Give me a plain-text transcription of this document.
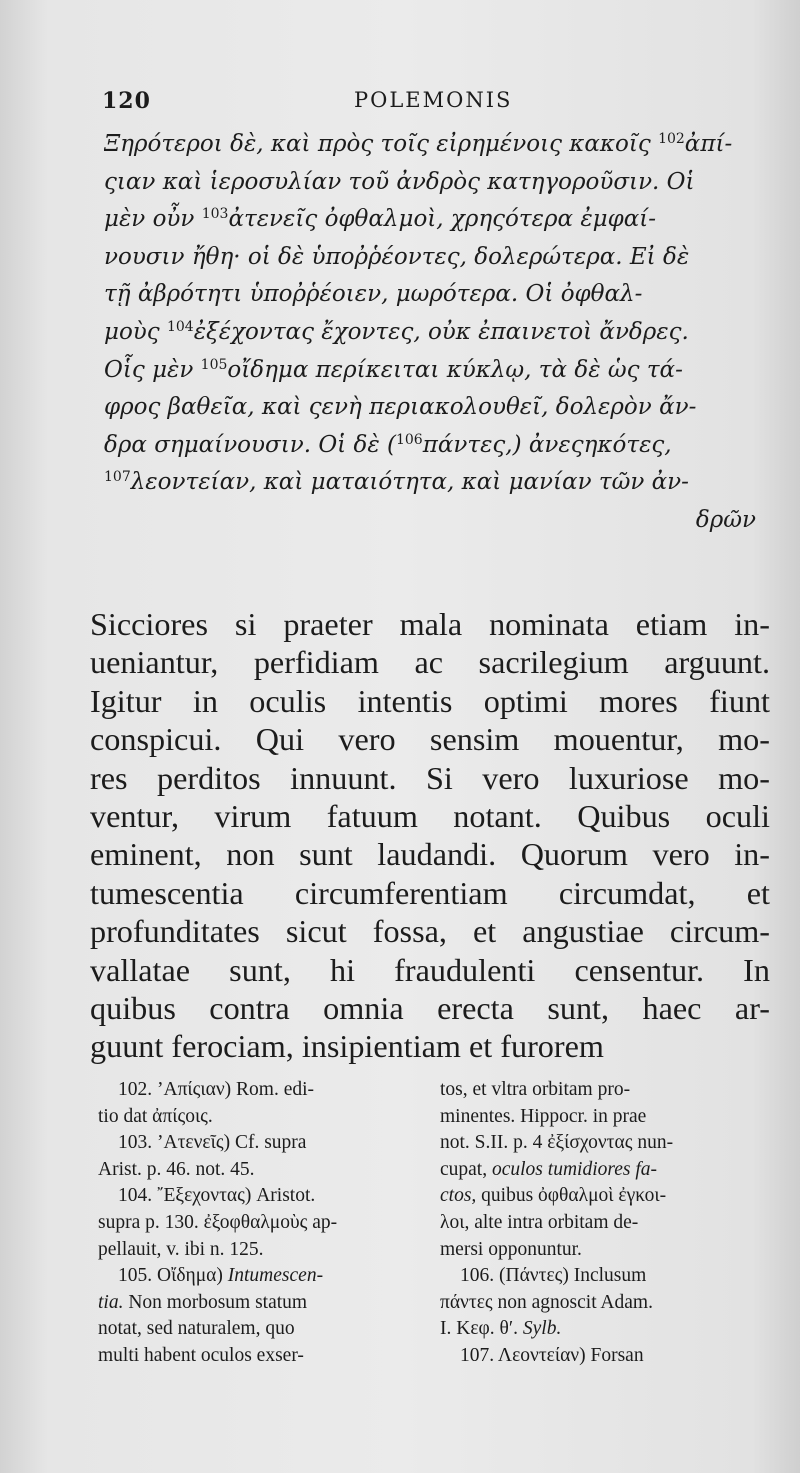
120	POLEMONIS
Ξηρότεροι δὲ, καὶ πρὸς τοῖς εἰρημένοις κακοῖς $^{102}$ἀπί-
ςιαν καὶ ἱεροσυλίαν τοῦ ἀνδρὸς κατηγοροῦσιν. Οἱ
μὲν οὖν $^{103}$ἀτενεῖς ὀφθαλμοὶ, χρηςότερα ἐμφαί-
νουσιν ἤθη· οἱ δὲ ὑποῤῥέοντες, δολερώτερα. Εἰ δὲ
τῇ ἀβρότητι ὑποῤῥέοιεν, μωρότερα. Οἱ ὀφθαλ-
μοὺς $^{104}$ἐξέχοντας ἔχοντες, οὐκ ἐπαινετοὶ ἄνδρες.
Οἷς μὲν $^{105}$οἴδημα περίκειται κύκλῳ, τὰ δὲ ὡς τά-
φρος βαθεῖα, καὶ ςενὴ περιακολουθεῖ, δολερὸν ἄν-
δρα σημαίνουσιν. Οἱ δὲ ($^{106}$πάντες,) ἀνεςηκότες,
$^{107}$λεοντείαν, καὶ ματαιότητα, καὶ μανίαν τῶν ἀν-
δρῶν
Sicciores si praeter mala nominata etiam in-
ueniantur, perfidiam ac sacrilegium arguunt.
Igitur in oculis intentis optimi mores fiunt
conspicui. Qui vero sensim mouentur, mo-
res perditos innuunt. Si vero luxuriose mo-
ventur, virum fatuum notant. Quibus oculi
eminent, non sunt laudandi. Quorum vero in-
tumescentia circumferentiam circumdat, et
profunditates sicut fossa, et angustiae circum-
vallatae sunt, hi fraudulenti censentur. In
quibus contra omnia erecta sunt, haec ar-
guunt ferociam, insipientiam et furorem
102. ’Απίςιαν) Rom. edi-
tio dat ἀπίςοις.
103. ’Ατενεῖς) Cf. supra
Arist. p. 46. not. 45.
104. ῎Εξεχοντας) Aristot.
supra p. 130. ἐξοφθαλμοὺς ap-
pellauit, v. ibi n. 125.
105. Οἴδημα) Intumescen-
tia. Non morbosum statum
notat, sed naturalem, quo
multi habent oculos exser-
tos, et vltra orbitam pro-
minentes. Hippocr. in prae
not. S.II. p. 4 ἐξίσχοντας nun-
cupat, oculos tumidiores fa-
ctos, quibus ὀφθαλμοὶ ἐγκοι-
λοι, alte intra orbitam de-
mersi opponuntur.
106. (Πάντες) Inclusum
πάντες non agnoscit Adam.
I. Κεφ. θ′. Sylb.
107. Λεοντείαν) Forsan
